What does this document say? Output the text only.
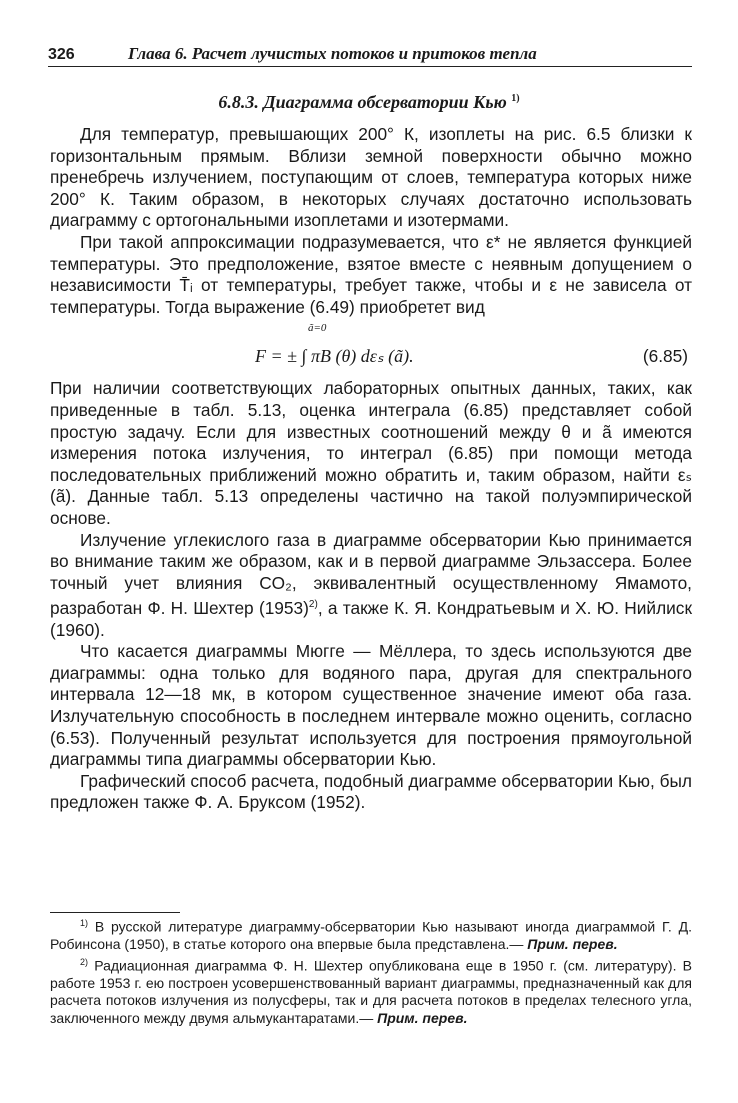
326	Глава 6. Расчет лучистых потоков и притоков тепла
6.8.3. Диаграмма обсерватории Кью $^{1)}$

Для температур, превышающих 200° К, изоплеты на рис. 6.5 близки к горизонтальным прямым. Вблизи земной поверхности обычно можно пренебречь излучением, поступающим от слоев, температура которых ниже 200° К. Таким образом, в некоторых случаях достаточно использовать диаграмму с ортогональными изоплетами и изотермами.

При такой аппроксимации подразумевается, что ε* не является функцией температуры. Это предположение, взятое вместе с неявным допущением о независимости T̄ᵢ от температуры, требует также, чтобы и ε не зависела от температуры. Тогда выражение (6.49) приобретет вид

ã=0
F = ± ∫ πB (θ) dεₛ (ã).	(6.85)

При наличии соответствующих лабораторных опытных данных, таких, как приведенные в табл. 5.13, оценка интеграла (6.85) представляет собой простую задачу. Если для известных соотношений между θ и ã имеются измерения потока излучения, то интеграл (6.85) при помощи метода последовательных приближений можно обратить и, таким образом, найти εₛ (ã). Данные табл. 5.13 определены частично на такой полуэмпирической основе.

Излучение углекислого газа в диаграмме обсерватории Кью принимается во внимание таким же образом, как и в первой диаграмме Эльзассера. Более точный учет влияния CO₂, эквивалентный осуществленному Ямамото, разработан Ф. Н. Шехтер (1953)$^{2)}$, а также К. Я. Кондратьевым и Х. Ю. Нийлиск (1960).

Что касается диаграммы Мюгге — Мёллера, то здесь используются две диаграммы: одна только для водяного пара, другая для спектрального интервала 12—18 мк, в котором существенное значение имеют оба газа. Излучательную способность в последнем интервале можно оценить, согласно (6.53). Полученный результат используется для построения прямоугольной диаграммы типа диаграммы обсерватории Кью.

Графический способ расчета, подобный диаграмме обсерватории Кью, был предложен также Ф. А. Бруксом (1952).

$^{1)}$ В русской литературе диаграмму-обсерватории Кью называют иногда диаграммой Г. Д. Робинсона (1950), в статье которого она впервые была представлена.— Прим. перев.

$^{2)}$ Радиационная диаграмма Ф. Н. Шехтер опубликована еще в 1950 г. (см. литературу). В работе 1953 г. ею построен усовершенствованный вариант диаграммы, предназначенный как для расчета потоков излучения из полусферы, так и для расчета потоков в пределах телесного угла, заключенного между двумя альмукантаратами.— Прим. перев.
